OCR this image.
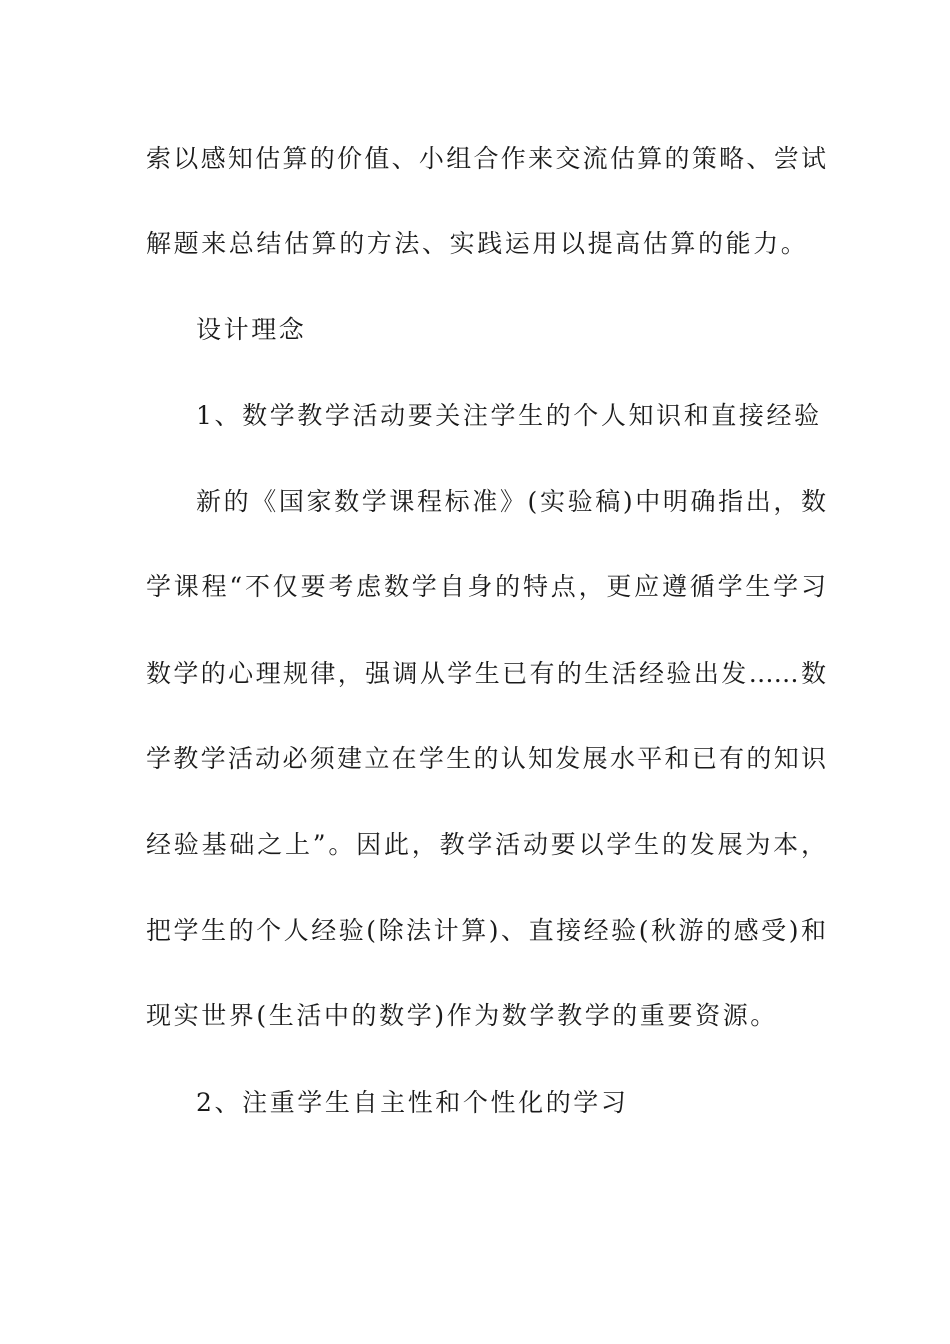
索以感知估算的价值、小组合作来交流估算的策略、尝试
解题来总结估算的方法、实践运用以提高估算的能力。
设计理念
1、数学教学活动要关注学生的个人知识和直接经验
新的《国家数学课程标准》(实验稿)中明确指出，数
学课程“不仅要考虑数学自身的特点，更应遵循学生学习
数学的心理规律，强调从学生已有的生活经验出发……数
学教学活动必须建立在学生的认知发展水平和已有的知识
经验基础之上”。因此，教学活动要以学生的发展为本，
把学生的个人经验(除法计算)、直接经验(秋游的感受)和
现实世界(生活中的数学)作为数学教学的重要资源。
2、注重学生自主性和个性化的学习
